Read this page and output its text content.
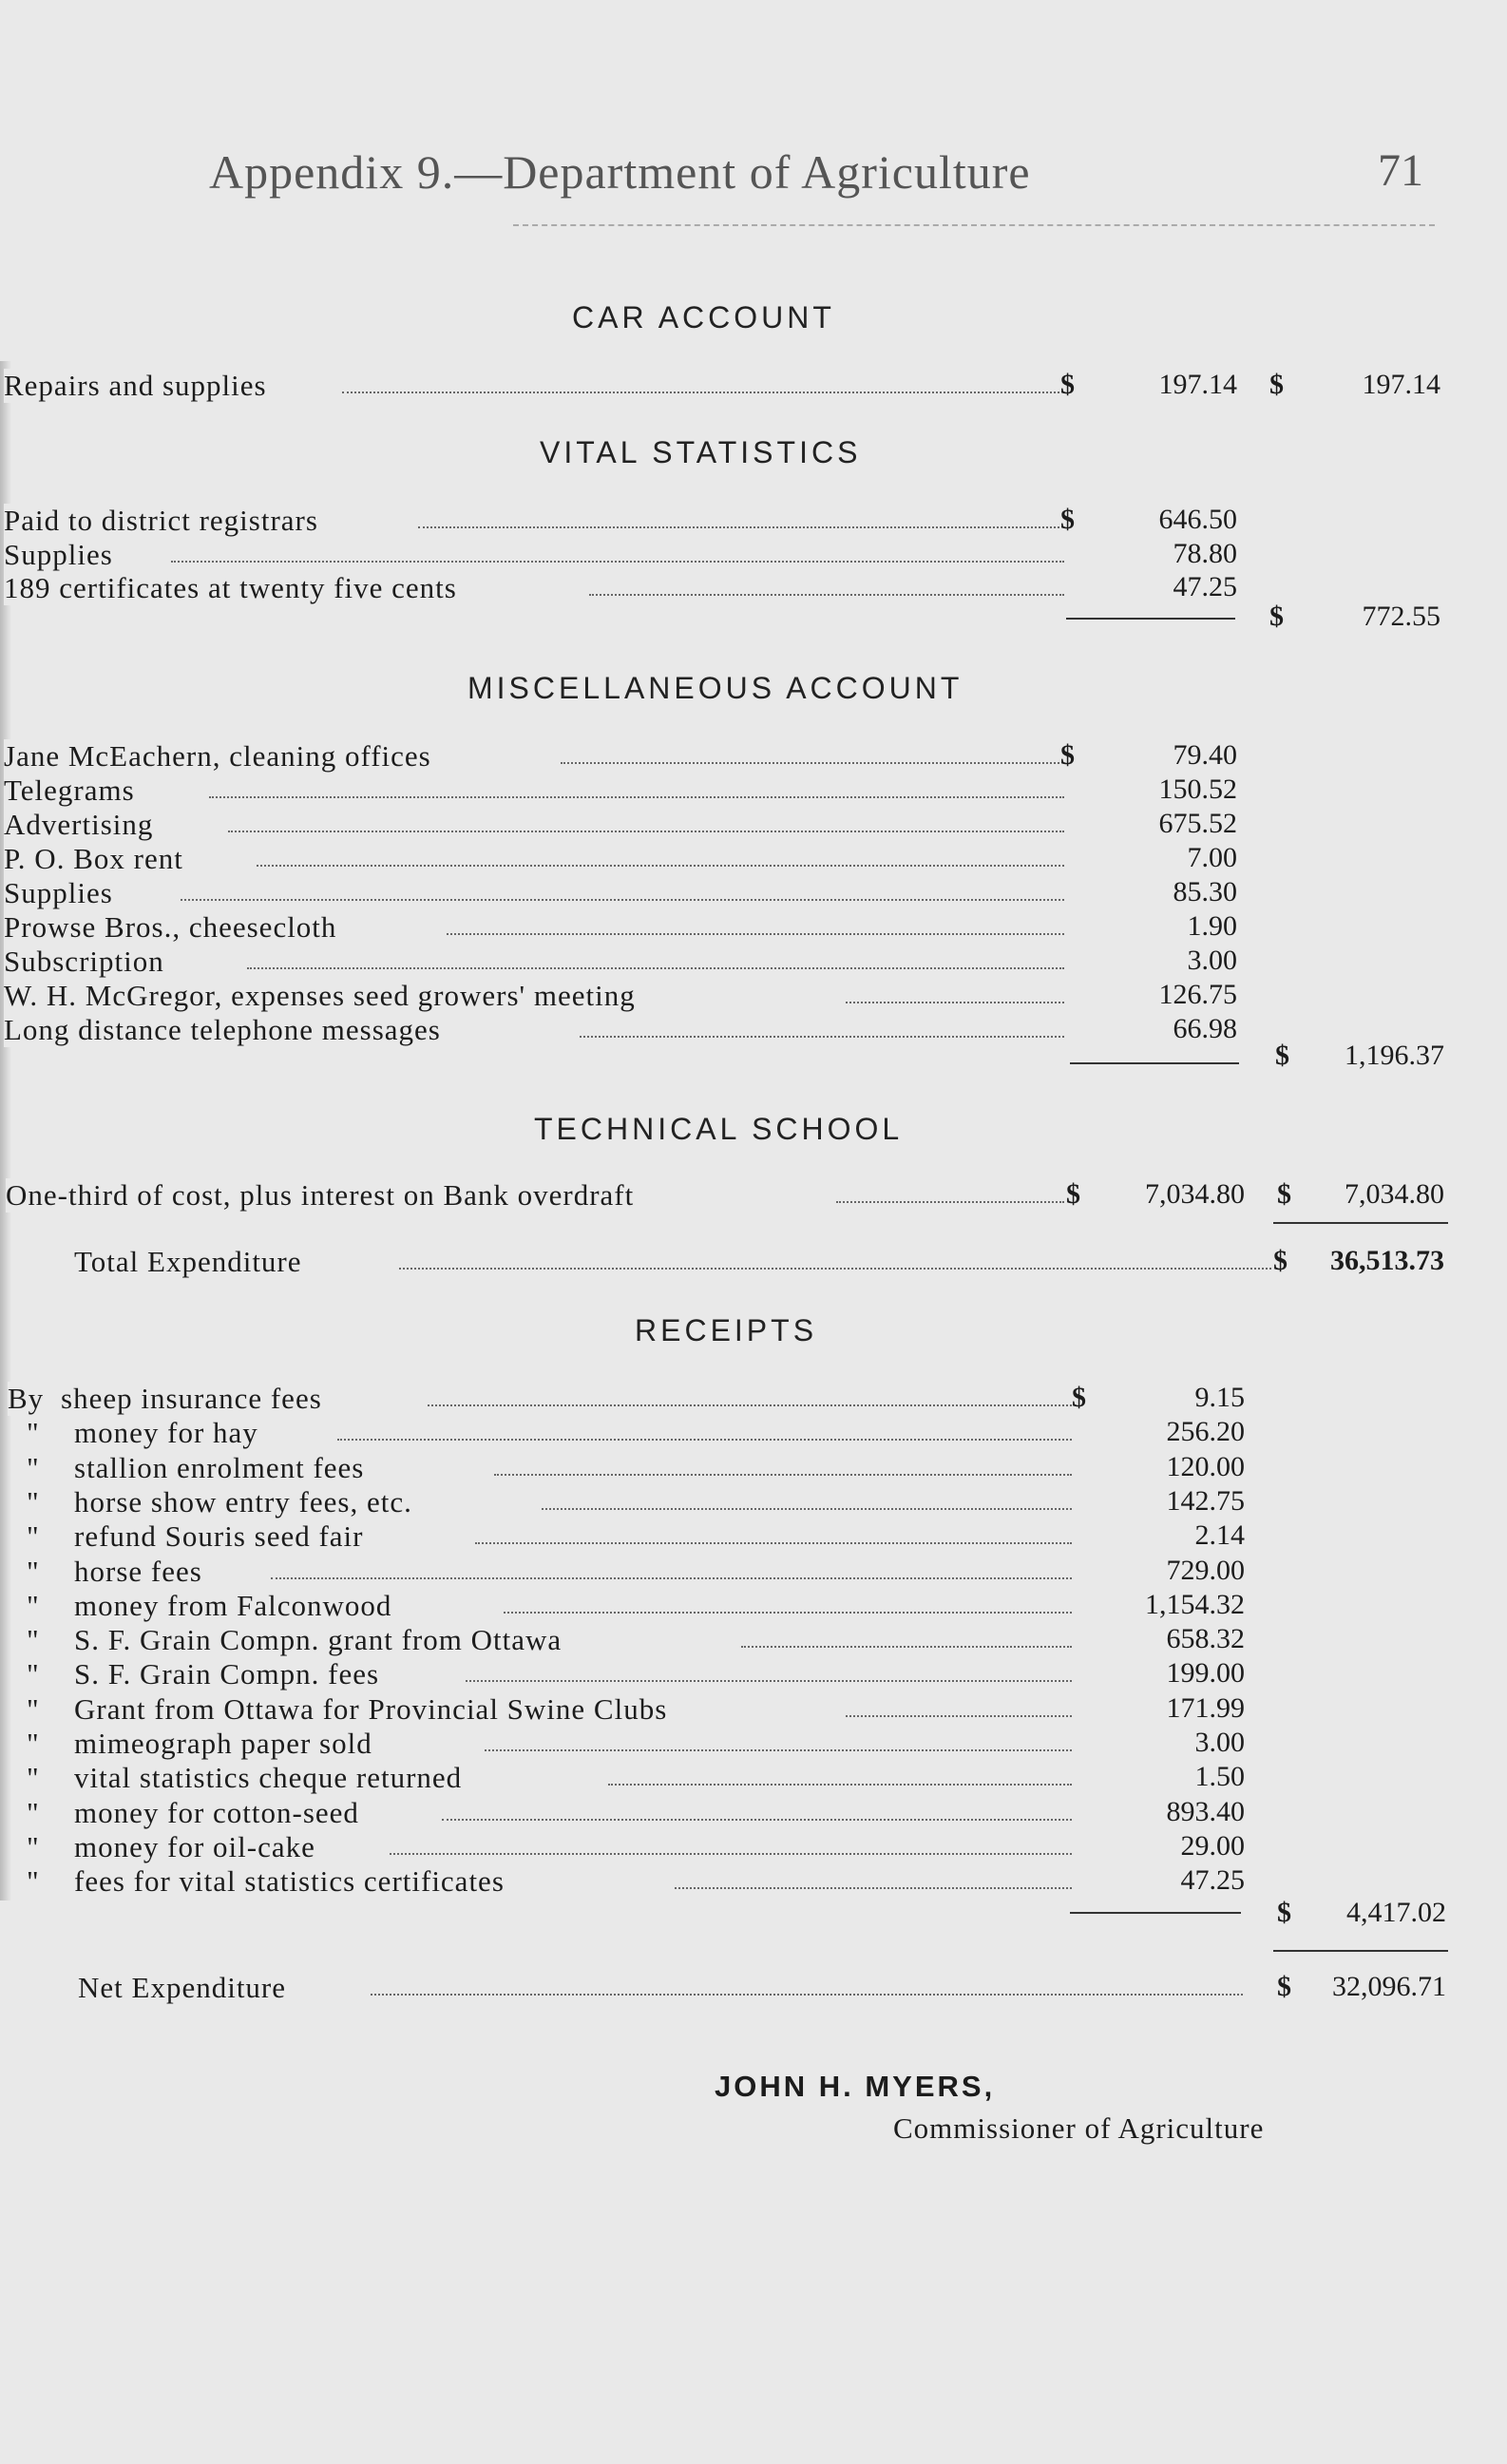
Appendix 9.—Department of Agriculture	71
CAR ACCOUNT
Repairs and supplies	$	197.14 $	197.14
VITAL STATISTICS
Paid to district registrars	$	646.50
Supplies	78.80
189 certificates at twenty five cents	47.25
$	772.55
MISCELLANEOUS ACCOUNT
Jane McEachern, cleaning offices	$	79.40
Telegrams	150.52
Advertising	675.52
P. O. Box rent	7.00
Supplies	85.30
Prowse Bros., cheesecloth	1.90
Subscription	3.00
W. H. McGregor, expenses seed growers' meeting	126.75
Long distance telephone messages	66.98
$	1,196.37
TECHNICAL SCHOOL
One-third of cost, plus interest on Bank overdraft	$	7,034.80 $	7,034.80
Total Expenditure	$	36,513.73
RECEIPTS
By sheep insurance fees	$	9.15
" money for hay	256.20
" stallion enrolment fees	120.00
" horse show entry fees, etc.	142.75
" refund Souris seed fair	2.14
" horse fees	729.00
" money from Falconwood	1,154.32
" S. F. Grain Compn. grant from Ottawa	658.32
" S. F. Grain Compn. fees	199.00
" Grant from Ottawa for Provincial Swine Clubs	171.99
" mimeograph paper sold	3.00
" vital statistics cheque returned	1.50
" money for cotton-seed	893.40
" money for oil-cake	29.00
" fees for vital statistics certificates	47.25
$	4,417.02
Net Expenditure	$	32,096.71
JOHN H. MYERS,
Commissioner of Agriculture
